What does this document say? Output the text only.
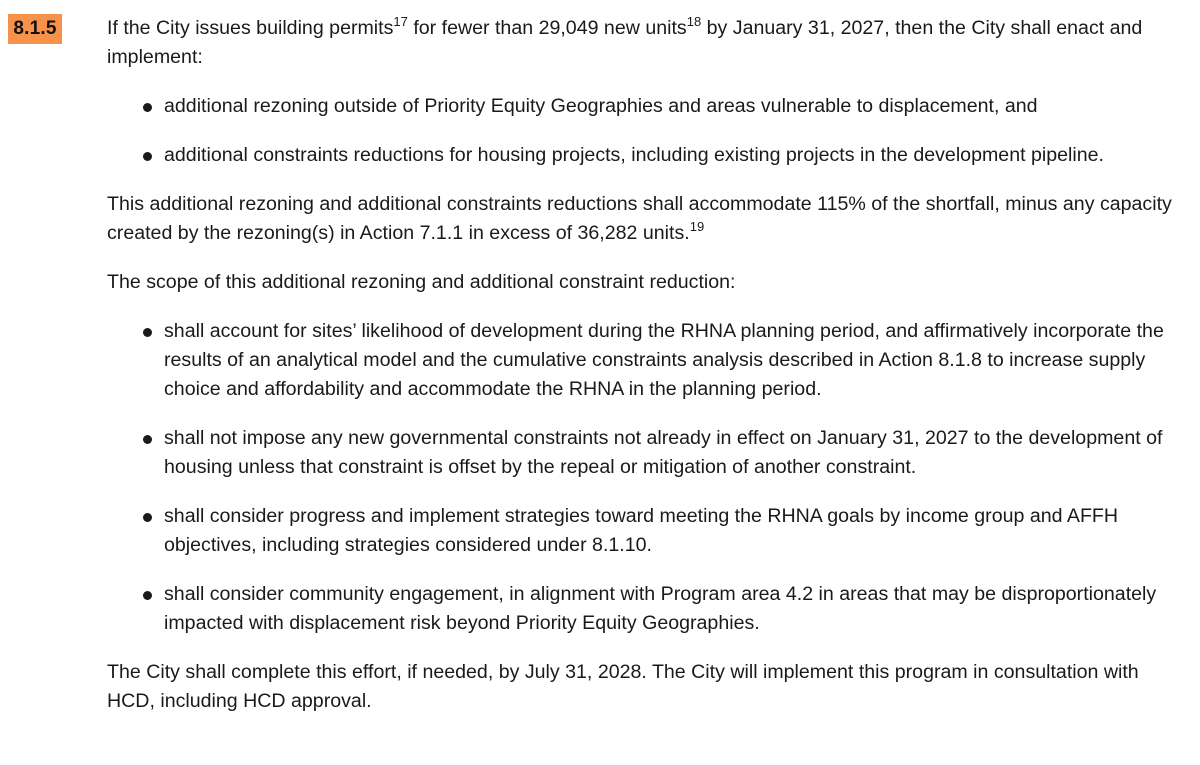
8.1.5	If the City issues building permits$^{17}$ for fewer than 29,049 new units$^{18}$ by January 31, 2027, then the City shall enact and implement:

additional rezoning outside of Priority Equity Geographies and areas vulnerable to displacement, and
additional constraints reductions for housing projects, including existing projects in the development pipeline.

This additional rezoning and additional constraints reductions shall accommodate 115% of the shortfall, minus any capacity created by the rezoning(s) in Action 7.1.1 in excess of 36,282 units.$^{19}$

The scope of this additional rezoning and additional constraint reduction:

shall account for sites’ likelihood of development during the RHNA planning period, and affirmatively incorporate the results of an analytical model and the cumulative constraints analysis described in Action 8.1.8 to increase supply choice and affordability and accommodate the RHNA in the planning period.
shall not impose any new governmental constraints not already in effect on January 31, 2027 to the development of housing unless that constraint is offset by the repeal or mitigation of another constraint.
shall consider progress and implement strategies toward meeting the RHNA goals by income group and AFFH objectives, including strategies considered under 8.1.10.
shall consider community engagement, in alignment with Program area 4.2 in areas that may be disproportionately impacted with displacement risk beyond Priority Equity Geographies.

The City shall complete this effort, if needed, by July 31, 2028. The City will implement this program in consultation with HCD, including HCD approval.
